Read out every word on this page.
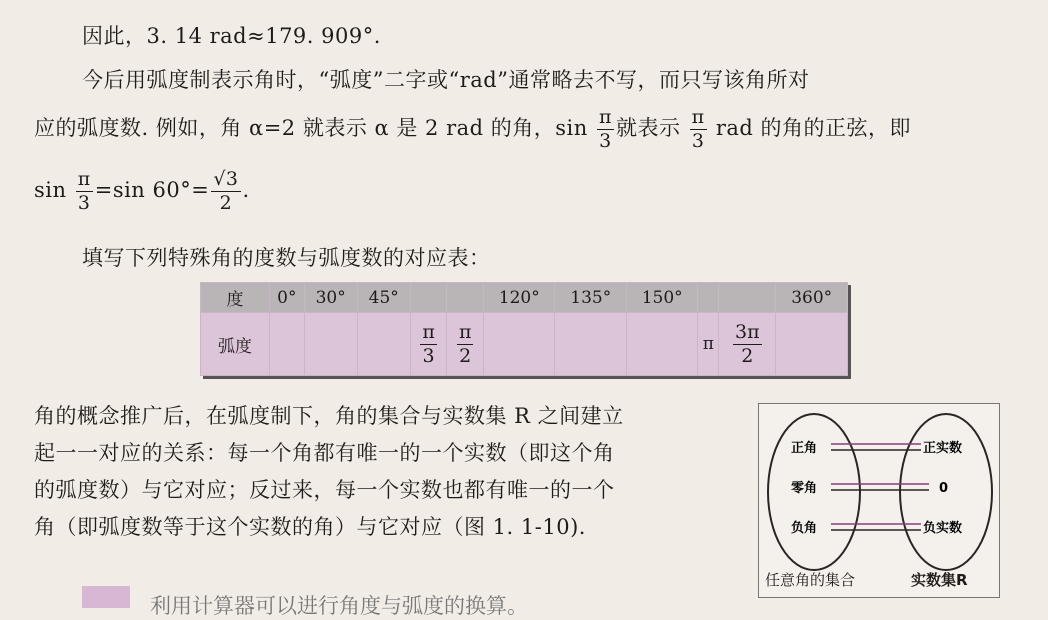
因此，3. 14 rad≈179. 909°.
今后用弧度制表示角时，“弧度”二字或“rad”通常略去不写，而只写该角所对
应的弧度数. 例如，角 α=2 就表示 α 是 2 rad 的角，$\sin \frac{\pi}{3}$ 就表示 $\frac{\pi}{3}$ rad 的角的正弦，即
$\sin \frac{\pi}{3} =\sin$ $60^\circ= \frac{√3}{2}$ .
填写下列特殊角的度数与弧度数的对应表：
度	0°	30°	45°			120°	135°	150°			360°
弧度				$\frac{\pi}{3}$	$\frac{\pi}{2}$				π	$\frac{3\pi}{2}$

角的概念推广后，在弧度制下，角的集合与实数集 R 之间建立
起一一对应的关系：每一个角都有唯一的一个实数（即这个角
的弧度数）与它对应；反过来，每一个实数也都有唯一的一个
角（即弧度数等于这个实数的角）与它对应（图 1. 1-10).
正角
零角
负角
正实数
0
负实数
任意角的集合	实数集R
利用计算器可以进行角度与弧度的换算。
